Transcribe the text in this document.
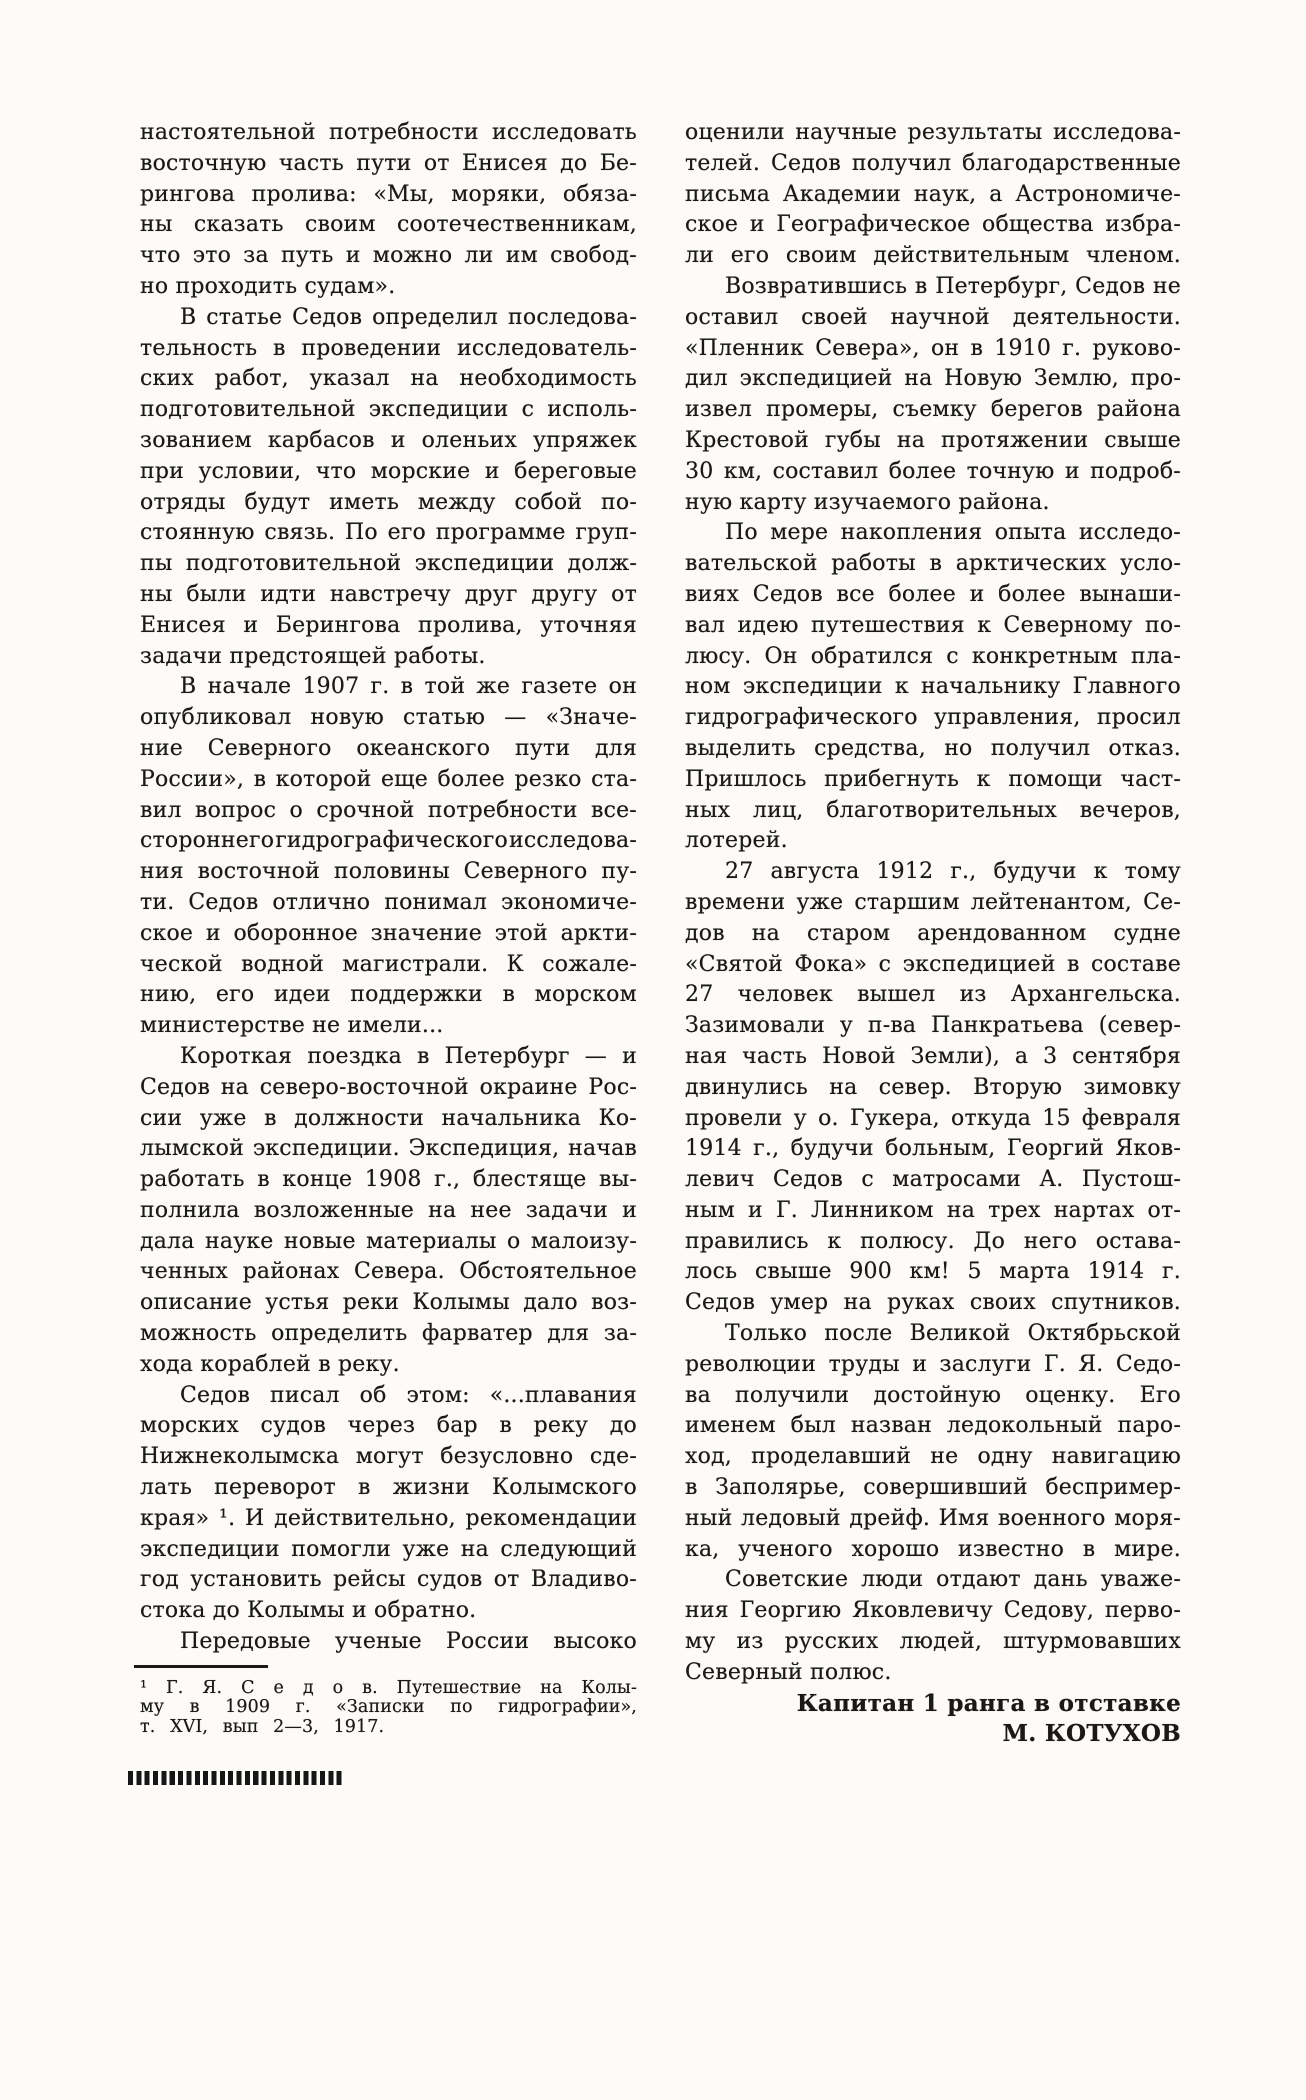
настоятельной потребности исследовать
восточную часть пути от Енисея до Бе-
рингова пролива: «Мы, моряки, обяза-
ны сказать своим соотечественникам,
что это за путь и можно ли им свобод-
но проходить судам».
В статье Седов определил последова-
тельность в проведении исследователь-
ских работ, указал на необходимость
подготовительной экспедиции с исполь-
зованием карбасов и оленьих упряжек
при условии, что морские и береговые
отряды будут иметь между собой по-
стоянную связь. По его программе груп-
пы подготовительной экспедиции долж-
ны были идти навстречу друг другу от
Енисея и Берингова пролива, уточняя
задачи предстоящей работы.
В начале 1907 г. в той же газете он
опубликовал новую статью — «Значе-
ние Северного океанского пути для
России», в которой еще более резко ста-
вил вопрос о срочной потребности все-
стороннего гидрографического исследова-
ния восточной половины Северного пу-
ти. Седов отлично понимал экономиче-
ское и оборонное значение этой аркти-
ческой водной магистрали. К сожале-
нию, его идеи поддержки в морском
министерстве не имели...
Короткая поездка в Петербург — и
Седов на северо-восточной окраине Рос-
сии уже в должности начальника Ко-
лымской экспедиции. Экспедиция, начав
работать в конце 1908 г., блестяще вы-
полнила возложенные на нее задачи и
дала науке новые материалы о малоизу-
ченных районах Севера. Обстоятельное
описание устья реки Колымы дало воз-
можность определить фарватер для за-
хода кораблей в реку.
Седов писал об этом: «...плавания
морских судов через бар в реку до
Нижнеколымска могут безусловно сде-
лать переворот в жизни Колымского
края» ¹. И действительно, рекомендации
экспедиции помогли уже на следующий
год установить рейсы судов от Владиво-
стока до Колымы и обратно.
Передовые ученые России высоко
¹ Г. Я. С е д о в. Путешествие на Колы-
му в 1909 г. «Записки по гидрографии»,
т. XVI, вып 2—3, 1917.
оценили научные результаты исследова-
телей. Седов получил благодарственные
письма Академии наук, а Астрономиче-
ское и Географическое общества избра-
ли его своим действительным членом.
Возвратившись в Петербург, Седов не
оставил своей научной деятельности.
«Пленник Севера», он в 1910 г. руково-
дил экспедицией на Новую Землю, про-
извел промеры, съемку берегов района
Крестовой губы на протяжении свыше
30 км, составил более точную и подроб-
ную карту изучаемого района.
По мере накопления опыта исследо-
вательской работы в арктических усло-
виях Седов все более и более вынаши-
вал идею путешествия к Северному по-
люсу. Он обратился с конкретным пла-
ном экспедиции к начальнику Главного
гидрографического управления, просил
выделить средства, но получил отказ.
Пришлось прибегнуть к помощи част-
ных лиц, благотворительных вечеров,
лотерей.
27 августа 1912 г., будучи к тому
времени уже старшим лейтенантом, Се-
дов на старом арендованном судне
«Святой Фока» с экспедицией в составе
27 человек вышел из Архангельска.
Зазимовали у п-ва Панкратьева (север-
ная часть Новой Земли), а 3 сентября
двинулись на север. Вторую зимовку
провели у о. Гукера, откуда 15 февраля
1914 г., будучи больным, Георгий Яков-
левич Седов с матросами А. Пустош-
ным и Г. Линником на трех нартах от-
правились к полюсу. До него остава-
лось свыше 900 км! 5 марта 1914 г.
Седов умер на руках своих спутников.
Только после Великой Октябрьской
революции труды и заслуги Г. Я. Седо-
ва получили достойную оценку. Его
именем был назван ледокольный паро-
ход, проделавший не одну навигацию
в Заполярье, совершивший беспример-
ный ледовый дрейф. Имя военного моря-
ка, ученого хорошо известно в мире.
Советские люди отдают дань уваже-
ния Георгию Яковлевичу Седову, перво-
му из русских людей, штурмовавших
Северный полюс.
Капитан 1 ранга в отставке
М. КОТУХОВ
